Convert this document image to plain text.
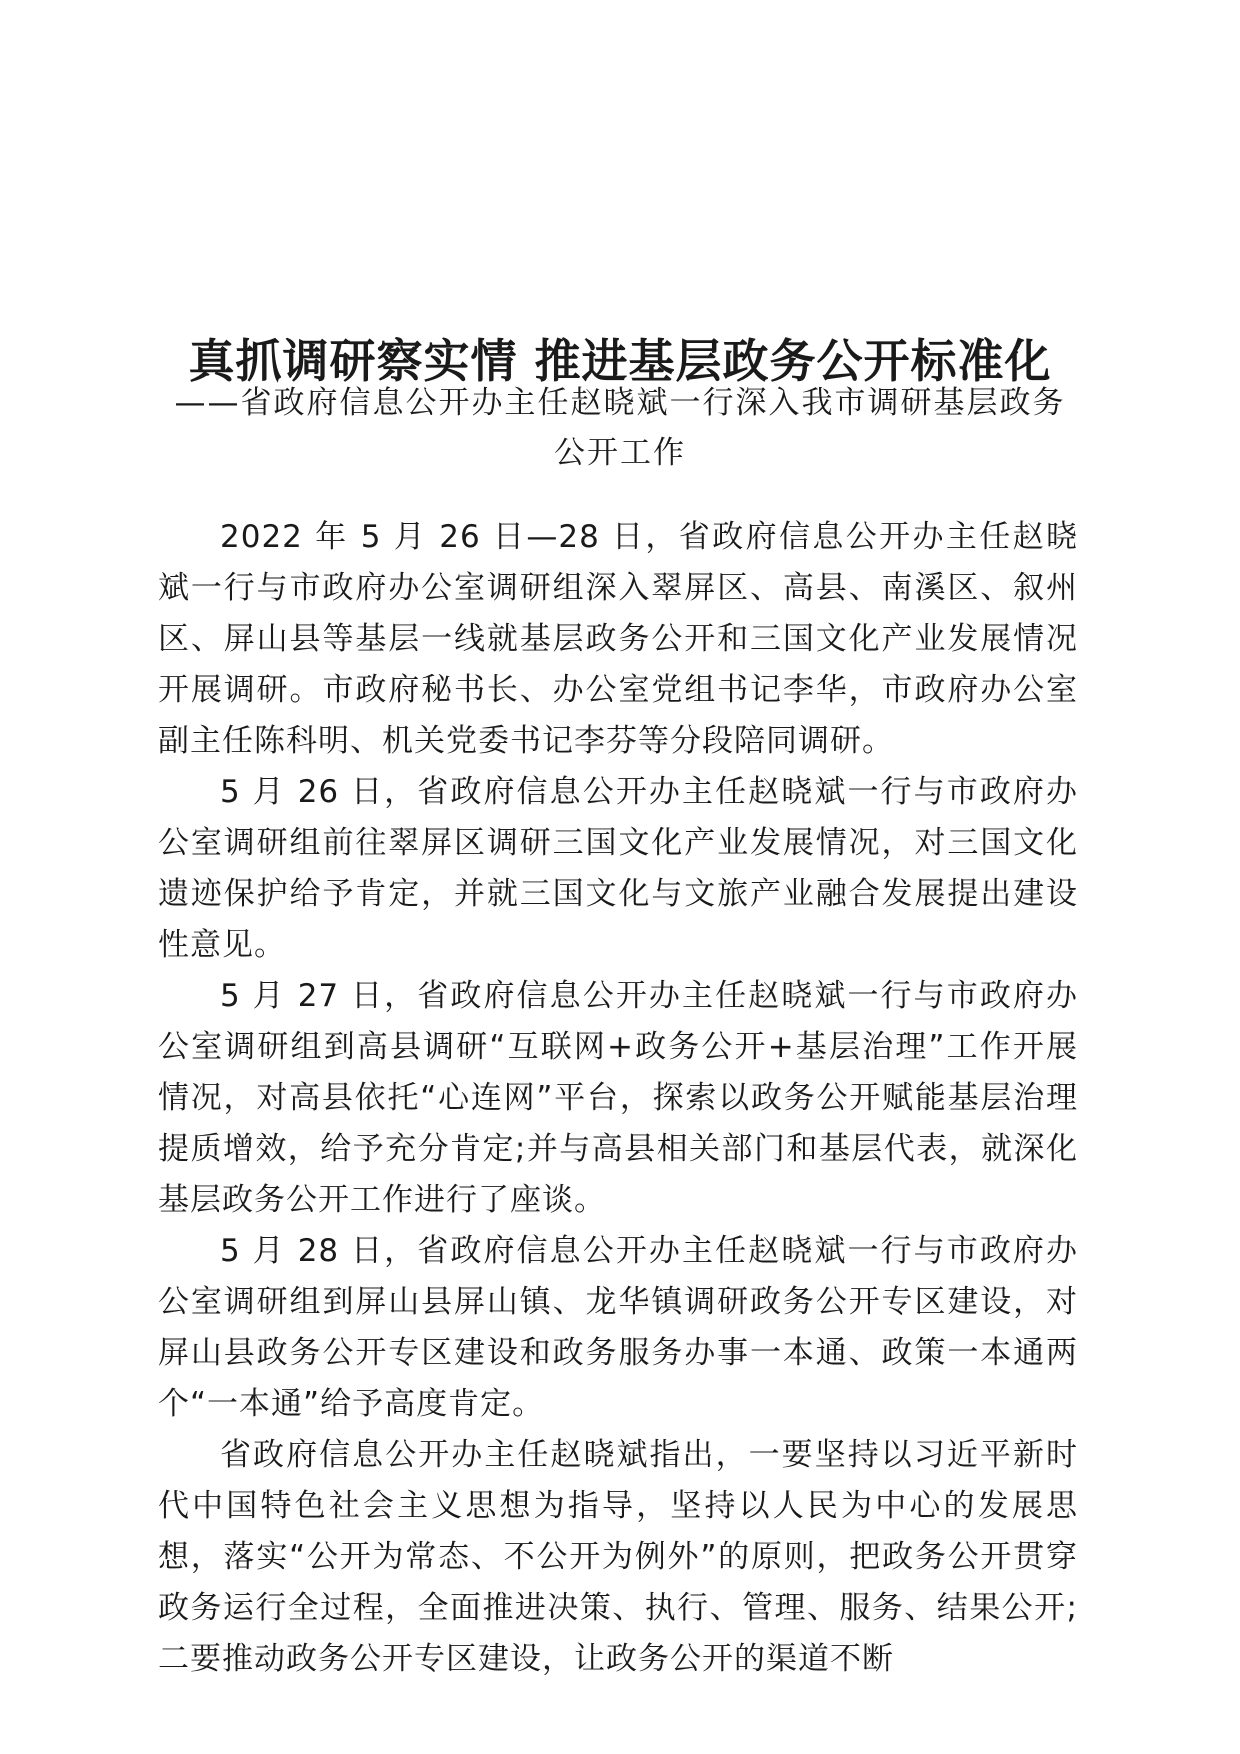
真抓调研察实情 推进基层政务公开标准化
——省政府信息公开办主任赵晓斌一行深入我市调研基层政务公开工作

2022 年 5 月 26 日—28 日，省政府信息公开办主任赵晓斌一行与市政府办公室调研组深入翠屏区、高县、南溪区、叙州区、屏山县等基层一线就基层政务公开和三国文化产业发展情况开展调研。市政府秘书长、办公室党组书记李华，市政府办公室副主任陈科明、机关党委书记李芬等分段陪同调研。

5 月 26 日，省政府信息公开办主任赵晓斌一行与市政府办公室调研组前往翠屏区调研三国文化产业发展情况，对三国文化遗迹保护给予肯定，并就三国文化与文旅产业融合发展提出建设性意见。

5 月 27 日，省政府信息公开办主任赵晓斌一行与市政府办公室调研组到高县调研“互联网+政务公开+基层治理”工作开展情况，对高县依托“心连网”平台，探索以政务公开赋能基层治理提质增效，给予充分肯定;并与高县相关部门和基层代表，就深化基层政务公开工作进行了座谈。

5 月 28 日，省政府信息公开办主任赵晓斌一行与市政府办公室调研组到屏山县屏山镇、龙华镇调研政务公开专区建设，对屏山县政务公开专区建设和政务服务办事一本通、政策一本通两个“一本通”给予高度肯定。

省政府信息公开办主任赵晓斌指出，一要坚持以习近平新时代中国特色社会主义思想为指导，坚持以人民为中心的发展思想，落实“公开为常态、不公开为例外”的原则，把政务公开贯穿政务运行全过程，全面推进决策、执行、管理、服务、结果公开;二要推动政务公开专区建设，让政务公开的渠道不断
